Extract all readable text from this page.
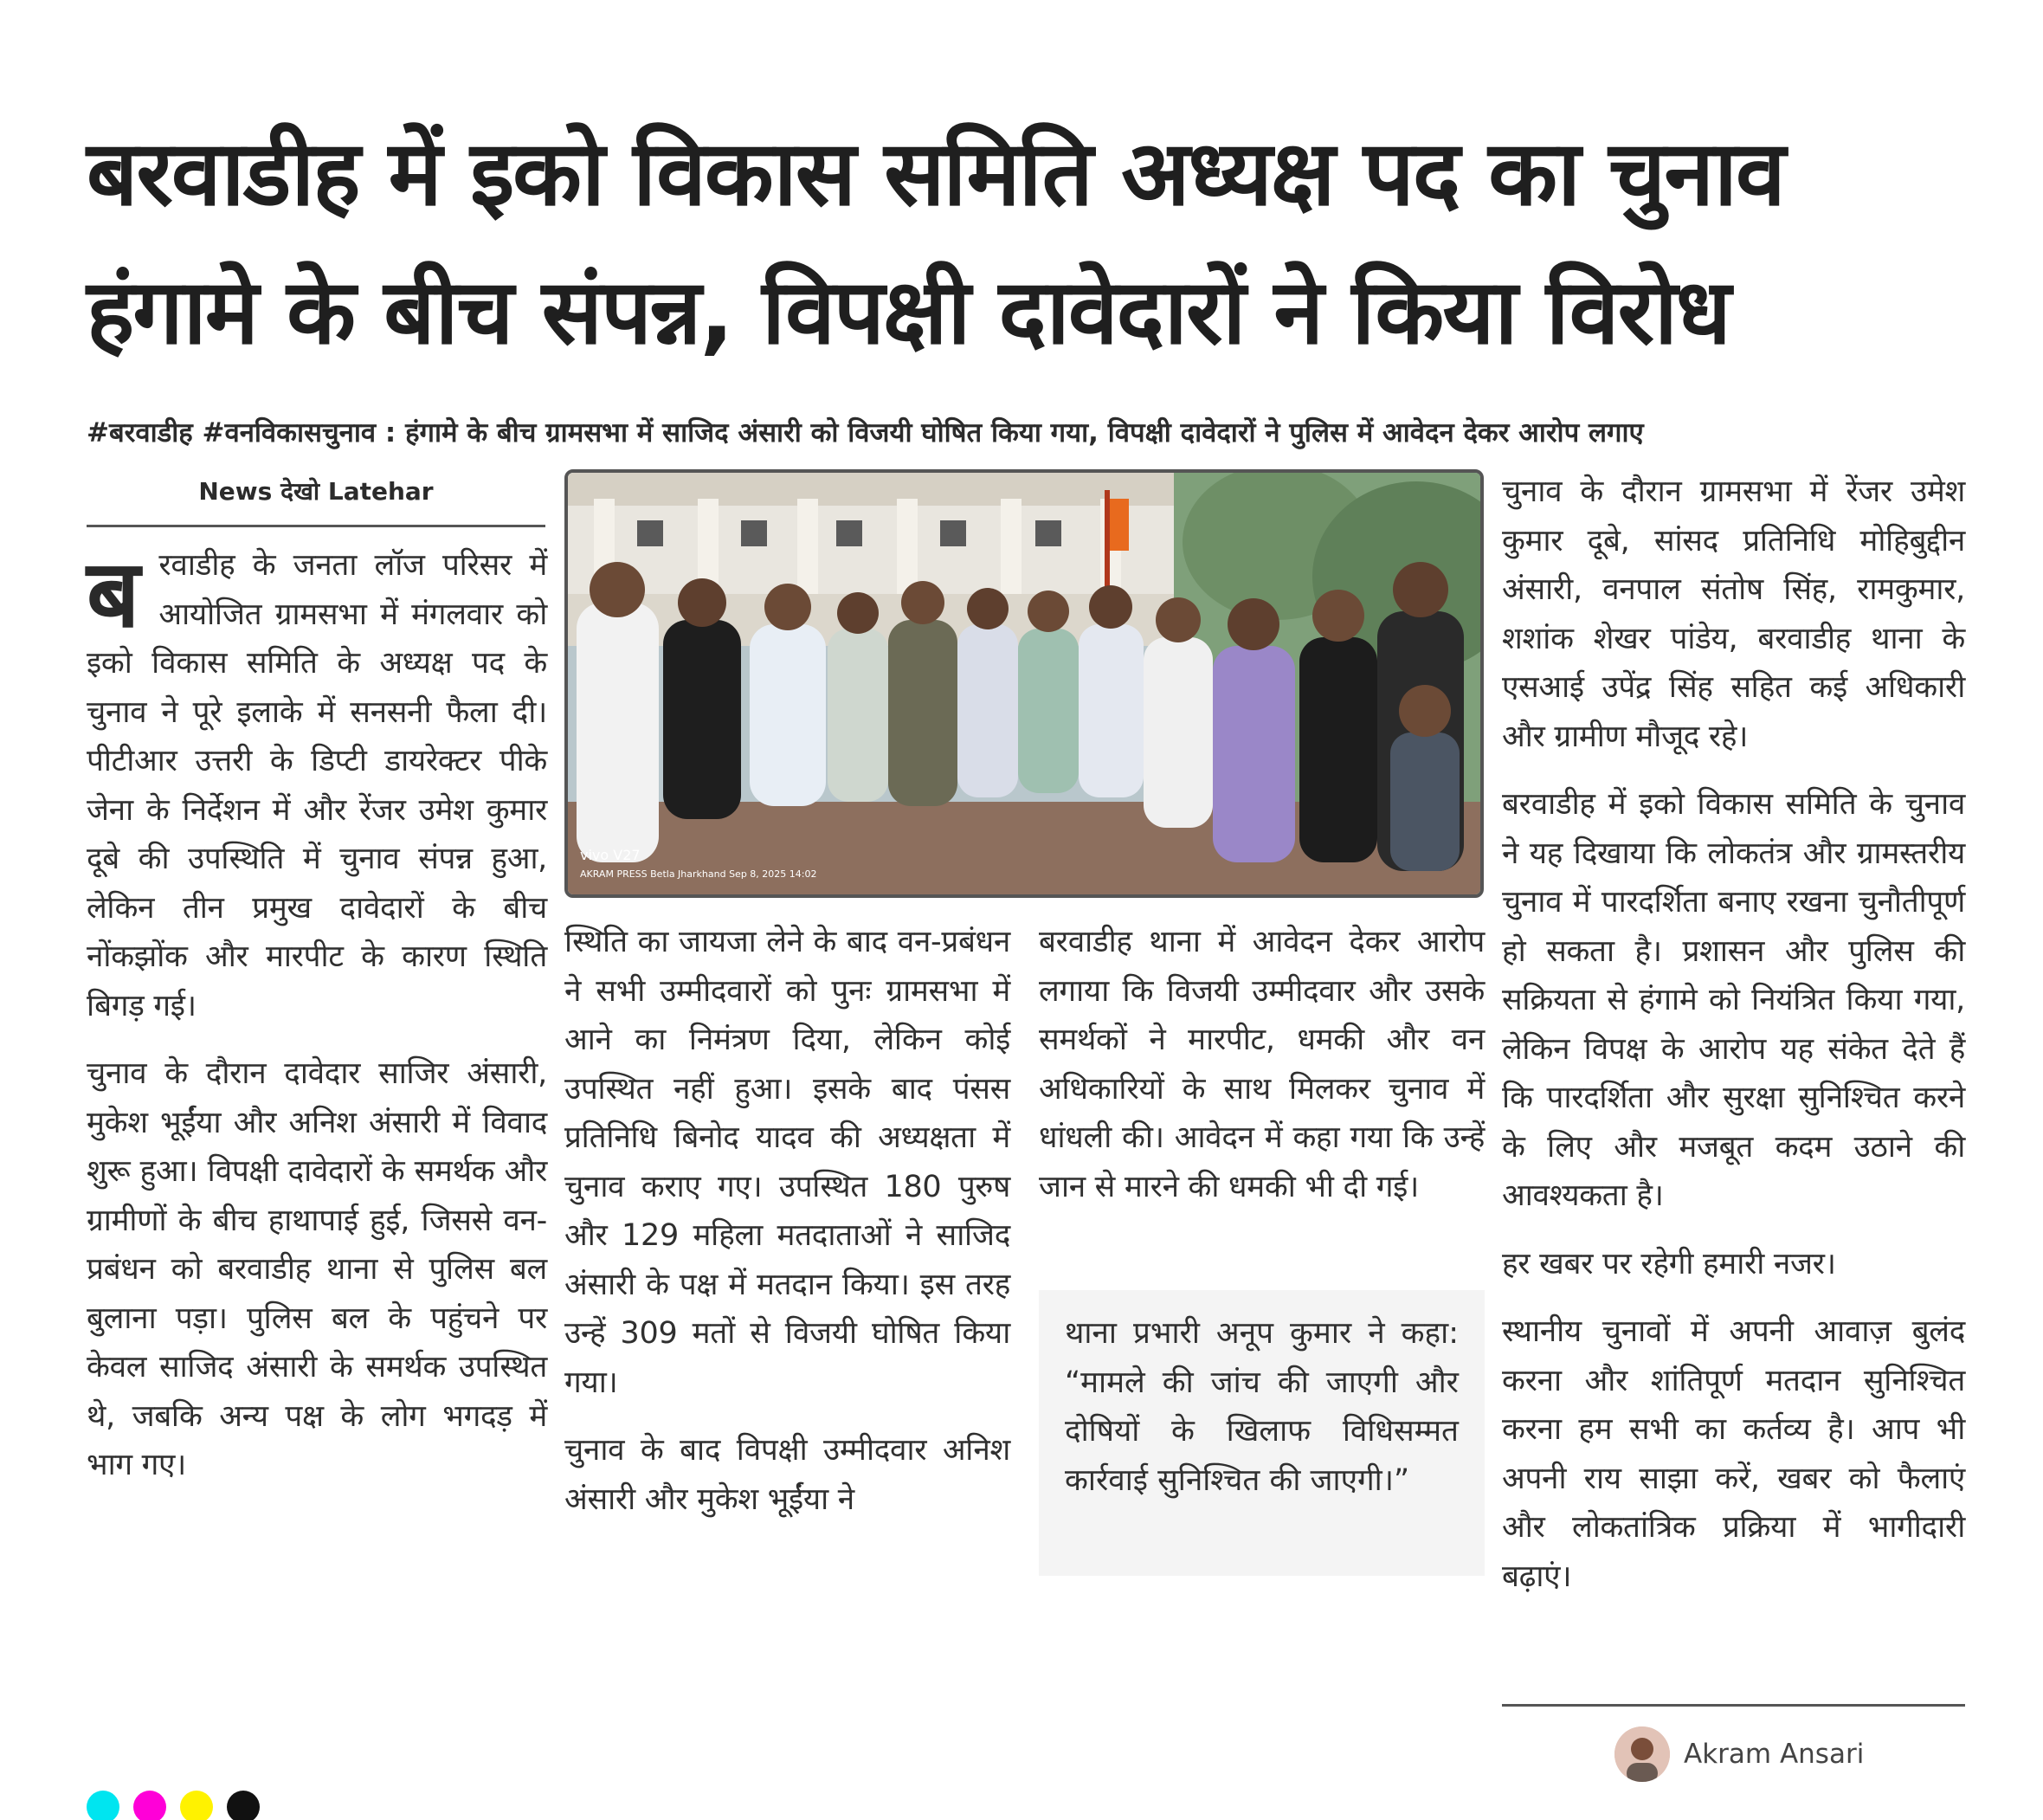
बरवाडीह में इको विकास समिति अध्यक्ष पद का चुनाव
हंगामे के बीच संपन्न, विपक्षी दावेदारों ने किया विरोध
#बरवाडीह #वनविकासचुनाव : हंगामे के बीच ग्रामसभा में साजिद अंसारी को विजयी घोषित किया गया, विपक्षी दावेदारों ने पुलिस में आवेदन देकर आरोप लगाए
News देखो Latehar

ब रवाडीह के जनता लॉज परिसर में आयोजित ग्रामसभा में मंगलवार को इको विकास समिति के अध्यक्ष पद के चुनाव ने पूरे इलाके में सनसनी फैला दी। पीटीआर उत्तरी के डिप्टी डायरेक्टर पीके जेना के निर्देशन में और रेंजर उमेश कुमार दूबे की उपस्थिति में चुनाव संपन्न हुआ, लेकिन तीन प्रमुख दावेदारों के बीच नोंकझोंक और मारपीट के कारण स्थिति बिगड़ गई।

चुनाव के दौरान दावेदार साजिर अंसारी, मुकेश भूईंया और अनिश अंसारी में विवाद शुरू हुआ। विपक्षी दावेदारों के समर्थक और ग्रामीणों के बीच हाथापाई हुई, जिससे वन-प्रबंधन को बरवाडीह थाना से पुलिस बल बुलाना पड़ा। पुलिस बल के पहुंचने पर केवल साजिद अंसारी के समर्थक उपस्थित थे, जबकि अन्य पक्ष के लोग भगदड़ में भाग गए।

vivo V27
AKRAM PRESS Betla Jharkhand Sep 8, 2025 14:02

स्थिति का जायजा लेने के बाद वन-प्रबंधन ने सभी उम्मीदवारों को पुनः ग्रामसभा में आने का निमंत्रण दिया, लेकिन कोई उपस्थित नहीं हुआ। इसके बाद पंसस प्रतिनिधि बिनोद यादव की अध्यक्षता में चुनाव कराए गए। उपस्थित 180 पुरुष और 129 महिला मतदाताओं ने साजिद अंसारी के पक्ष में मतदान किया। इस तरह उन्हें 309 मतों से विजयी घोषित किया गया।

चुनाव के बाद विपक्षी उम्मीदवार अनिश अंसारी और मुकेश भूईंया ने

बरवाडीह थाना में आवेदन देकर आरोप लगाया कि विजयी उम्मीदवार और उसके समर्थकों ने मारपीट, धमकी और वन अधिकारियों के साथ मिलकर चुनाव में धांधली की। आवेदन में कहा गया कि उन्हें जान से मारने की धमकी भी दी गई।

थाना प्रभारी अनूप कुमार ने कहा: “मामले की जांच की जाएगी और दोषियों के खिलाफ विधिसम्मत कार्रवाई सुनिश्चित की जाएगी।”

चुनाव के दौरान ग्रामसभा में रेंजर उमेश कुमार दूबे, सांसद प्रतिनिधि मोहिबुद्दीन अंसारी, वनपाल संतोष सिंह, रामकुमार, शशांक शेखर पांडेय, बरवाडीह थाना के एसआई उपेंद्र सिंह सहित कई अधिकारी और ग्रामीण मौजूद रहे।

बरवाडीह में इको विकास समिति के चुनाव ने यह दिखाया कि लोकतंत्र और ग्रामस्तरीय चुनाव में पारदर्शिता बनाए रखना चुनौतीपूर्ण हो सकता है। प्रशासन और पुलिस की सक्रियता से हंगामे को नियंत्रित किया गया, लेकिन विपक्ष के आरोप यह संकेत देते हैं कि पारदर्शिता और सुरक्षा सुनिश्चित करने के लिए और मजबूत कदम उठाने की आवश्यकता है।

हर खबर पर रहेगी हमारी नजर।

स्थानीय चुनावों में अपनी आवाज़ बुलंद करना और शांतिपूर्ण मतदान सुनिश्चित करना हम सभी का कर्तव्य है। आप भी अपनी राय साझा करें, खबर को फैलाएं और लोकतांत्रिक प्रक्रिया में भागीदारी बढ़ाएं।

Akram Ansari
